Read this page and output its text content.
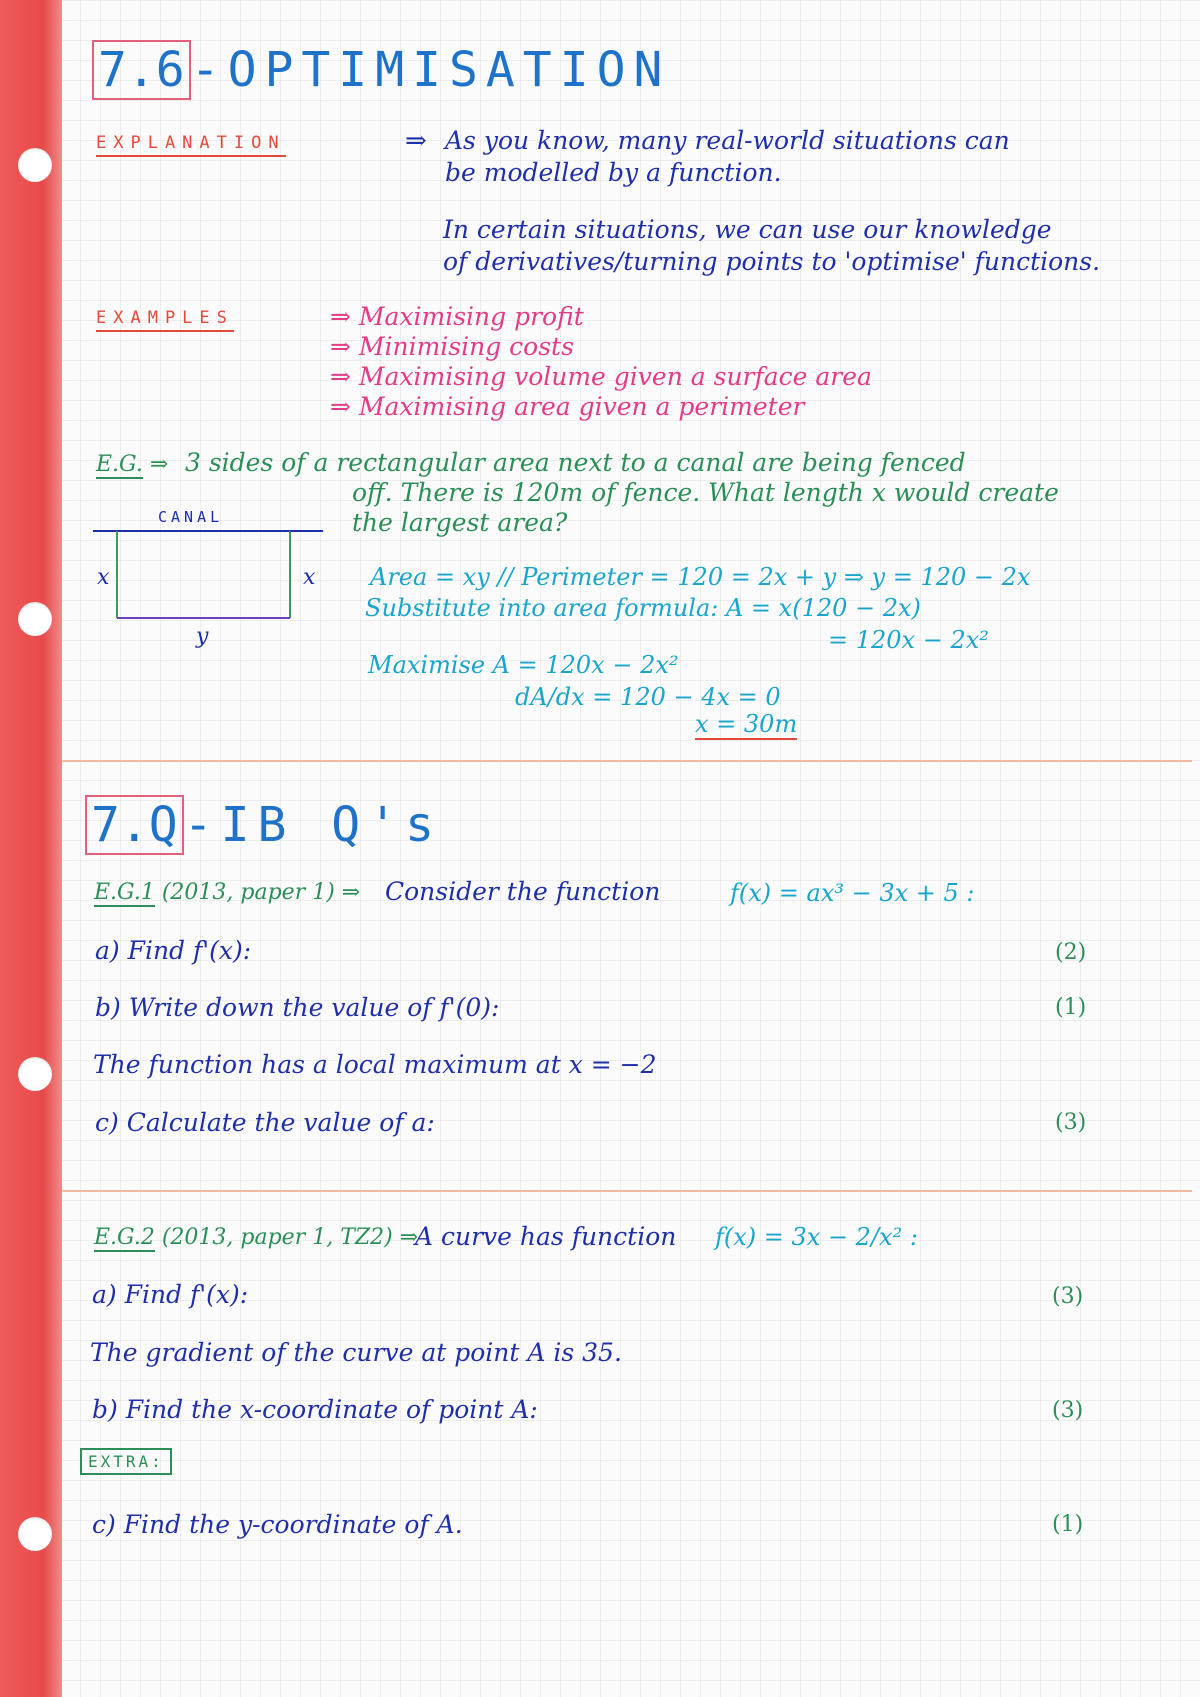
7.6 -OPTIMISATION
EXPLANATION	⇒ As you know, many real-world situations can
be modelled by a function.
In certain situations, we can use our knowledge
of derivatives/turning points to 'optimise' functions.
EXAMPLES	⇒ Maximising profit
⇒ Minimising costs
⇒ Maximising volume given a surface area
⇒ Maximising area given a perimeter
E.G. ⇒ 3 sides of a rectangular area next to a canal are being fenced
off. There is 120m of fence. What length x would create
the largest area?
CANAL
x	x
y
Area = xy // Perimeter = 120 = 2x + y ⇒ y = 120 − 2x
Substitute into area formula: A = x(120 − 2x)
= 120x − 2x²
Maximise A = 120x − 2x²
dA/dx = 120 − 4x = 0
x = 30m
7.Q -IB Q's
E.G.1 (2013, paper 1) ⇒ Consider the function	f(x) = ax³ − 3x + 5 :
a) Find f'(x):	(2)
b) Write down the value of f'(0):	(1)
The function has a local maximum at x = −2
c) Calculate the value of a:	(3)
E.G.2 (2013, paper 1, TZ2) ⇒
A curve has function f(x) = 3x − 2/x² :
a) Find f'(x):	(3)
The gradient of the curve at point A is 35.
b) Find the x-coordinate of point A:	(3)
EXTRA:
c) Find the y-coordinate of A.	(1)
